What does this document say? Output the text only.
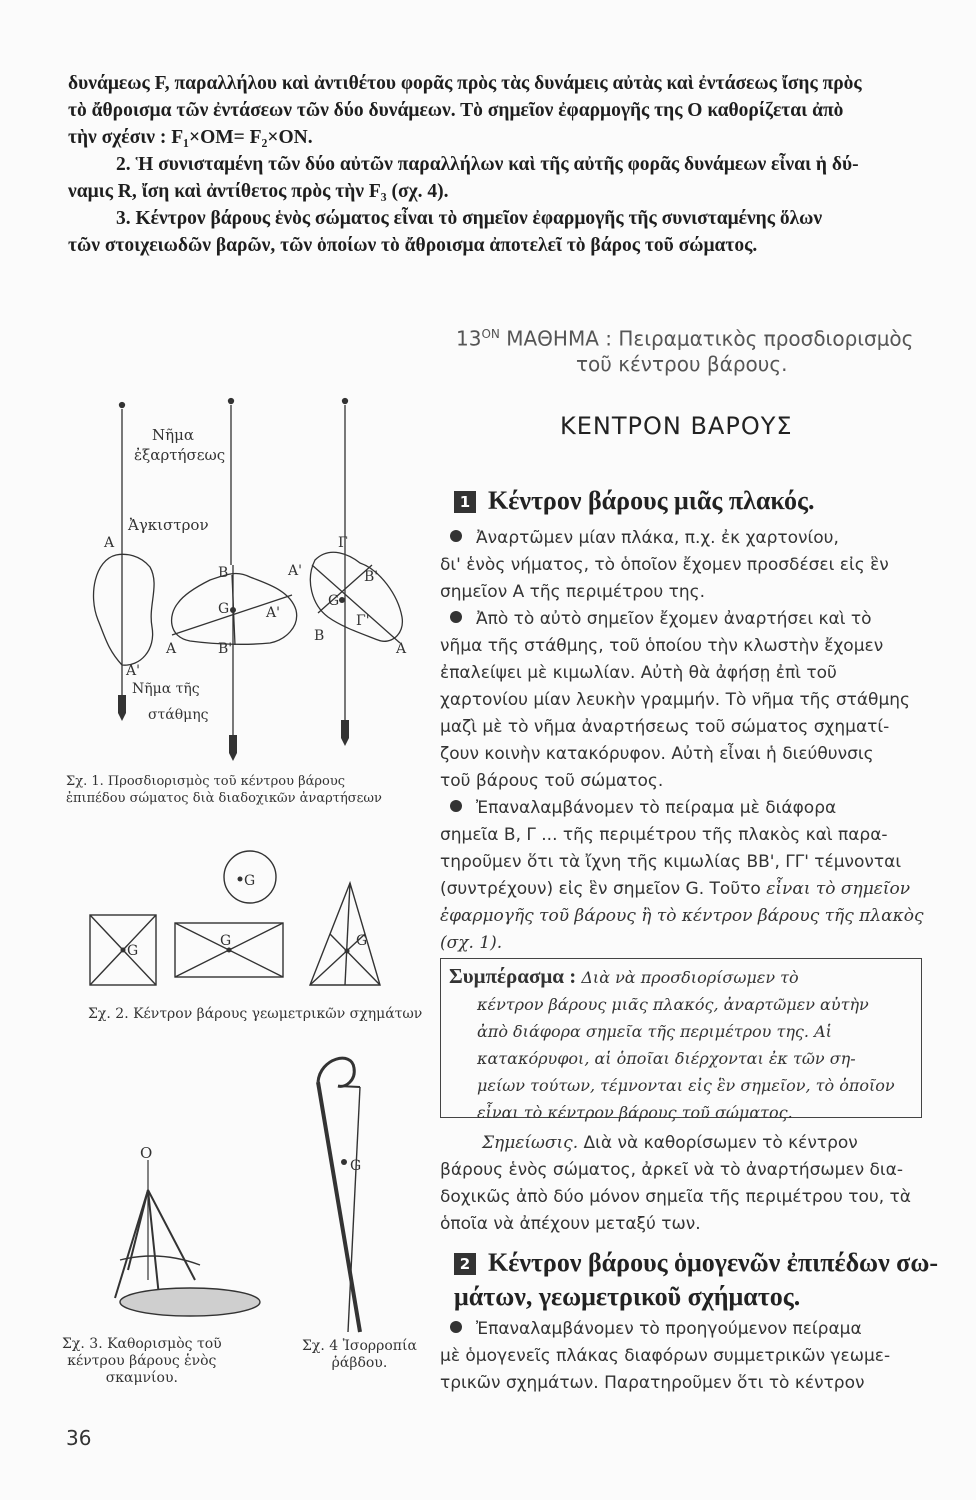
δυνάμεως F, παραλλήλου καὶ ἀντιθέτου φορᾶς πρὸς τὰς δυνάμεις αὐτὰς καὶ ἐντάσεως ἴσης πρὸς
τὸ ἄθροισμα τῶν ἐντάσεων τῶν δύο δυνάμεων. Τὸ σημεῖον ἐφαρμογῆς της Ο καθορίζεται ἀπὸ
τὴν σχέσιν : F₁×OM= F₂×ON.
2. Ἡ συνισταμένη τῶν δύο αὐτῶν παραλλήλων καὶ τῆς αὐτῆς φορᾶς δυνάμεων εἶναι ἡ δύ-
ναμις R, ἴση καὶ ἀντίθετος πρὸς τὴν F₃ (σχ. 4).
3. Κέντρον βάρους ἑνὸς σώματος εἶναι τὸ σημεῖον ἐφαρμογῆς τῆς συνισταμένης ὅλων
τῶν στοιχειωδῶν βαρῶν, τῶν ὁποίων τὸ ἄθροισμα ἀποτελεῖ τὸ βάρος τοῦ σώματος.
$13^{ON}$ ΜΑΘΗΜΑ : Πειραματικὸς προσδιορισμὸς
τοῦ κέντρου βάρους.
ΚΕΝΤΡΟΝ ΒΑΡΟΥΣ
1 Κέντρον βάρους μιᾶς πλακός.
Ἀναρτῶμεν μίαν πλάκα, π.χ. ἐκ χαρτονίου,
δι' ἑνὸς νήματος, τὸ ὁποῖον ἔχομεν προσδέσει εἰς ἓν
σημεῖον Α τῆς περιμέτρου της.
Ἀπὸ τὸ αὐτὸ σημεῖον ἔχομεν ἀναρτήσει καὶ τὸ
νῆμα τῆς στάθμης, τοῦ ὁποίου τὴν κλωστὴν ἔχομεν
ἐπαλείψει μὲ κιμωλίαν. Αὐτὴ θὰ ἀφήσῃ ἐπὶ τοῦ
χαρτονίου μίαν λευκὴν γραμμήν. Τὸ νῆμα τῆς στάθμης
μαζὶ μὲ τὸ νῆμα ἀναρτήσεως τοῦ σώματος σχηματί-
ζουν κοινὴν κατακόρυφον. Αὐτὴ εἶναι ἡ διεύθυνσις
τοῦ βάρους τοῦ σώματος.
Ἐπαναλαμβάνομεν τὸ πείραμα μὲ διάφορα
σημεῖα Β, Γ ... τῆς περιμέτρου τῆς πλακὸς καὶ παρα-
τηροῦμεν ὅτι τὰ ἴχνη τῆς κιμωλίας ΒΒ', ΓΓ' τέμνονται
(συντρέχουν) εἰς ἓν σημεῖον G. Τοῦτο εἶναι τὸ σημεῖον
ἐφαρμογῆς τοῦ βάρους ἢ τὸ κέντρον βάρους τῆς πλακὸς
(σχ. 1).
Συμπέρασμα : Διὰ νὰ προσδιορίσωμεν τὸ
κέντρον βάρους μιᾶς πλακός, ἀναρτῶμεν αὐτὴν
ἀπὸ διάφορα σημεῖα τῆς περιμέτρου της. Αἱ
κατακόρυφοι, αἱ ὁποῖαι διέρχονται ἐκ τῶν ση-
μείων τούτων, τέμνονται εἰς ἓν σημεῖον, τὸ ὁποῖον
εἶναι τὸ κέντρον βάρους τοῦ σώματος.
Σημείωσις. Διὰ νὰ καθορίσωμεν τὸ κέντρον
βάρους ἑνὸς σώματος, ἀρκεῖ νὰ τὸ ἀναρτήσωμεν δια-
δοχικῶς ἀπὸ δύο μόνον σημεῖα τῆς περιμέτρου του, τὰ
ὁποῖα νὰ ἀπέχουν μεταξύ των.
2 Κέντρον βάρους ὁμογενῶν ἐπιπέδων σω-
μάτων, γεωμετρικοῦ σχήματος.
Ἐπαναλαμβάνομεν τὸ προηγούμενον πείραμα
μὲ ὁμογενεῖς πλάκας διαφόρων συμμετρικῶν γεωμε-
τρικῶν σχημάτων. Παρατηροῦμεν ὅτι τὸ κέντρον
Νῆμα
ἐξαρτήσεως
Ἀγκιστρον
A
A'
Νῆμα τῆς
στάθμης
B
G
A	B'
A'
A'
Γ
B'
G
Γ'
B
A
Σχ. 1. Προσδιορισμὸς τοῦ κέντρου βάρους
ἐπιπέδου σώματος διὰ διαδοχικῶν ἀναρτήσεων
G
G
G	G
Σχ. 2. Κέντρον βάρους γεωμετρικῶν σχημάτων
O
Σχ. 3. Καθορισμὸς τοῦ
κέντρου βάρους ἑνὸς
σκαμνίου.
G
Σχ. 4 Ἰσορροπία
ῥάβδου.
36
